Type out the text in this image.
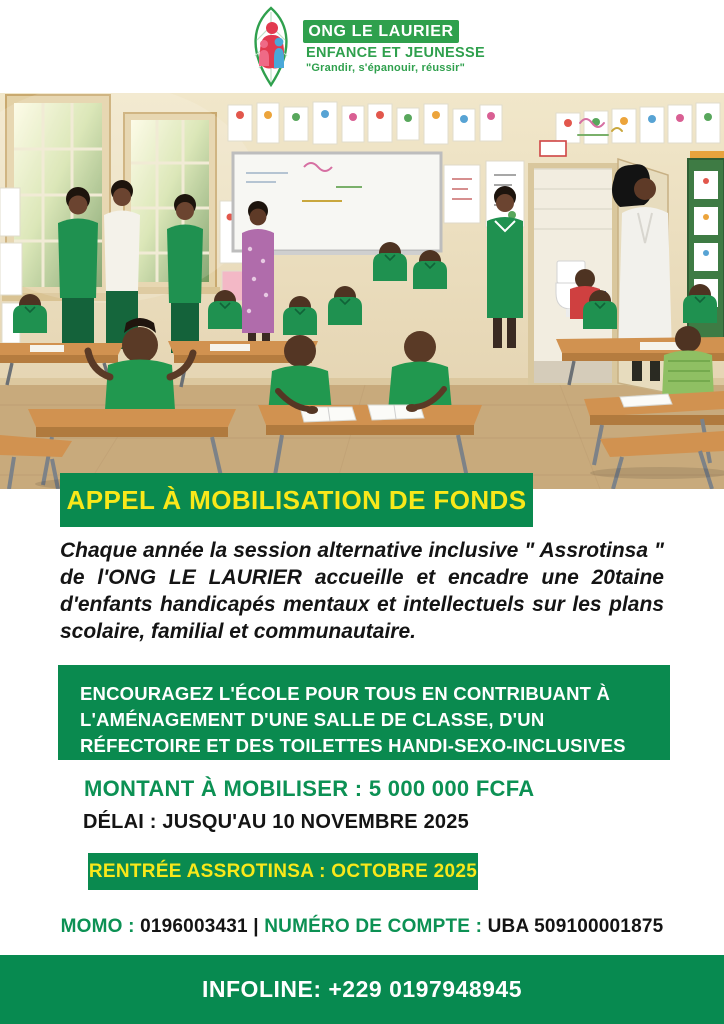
ONG LE LAURIER
ENFANCE ET JEUNESSE
"Grandir, s'épanouir, réussir"
APPEL À MOBILISATION DE FONDS

Chaque année la session alternative inclusive " Assrotinsa " de l'ONG LE LAURIER accueille et encadre une 20taine d'enfants handicapés mentaux et intellectuels sur les plans scolaire, familial et communautaire.

ENCOURAGEZ L'ÉCOLE POUR TOUS EN CONTRIBUANT À L'AMÉNAGEMENT D'UNE SALLE DE CLASSE, D'UN RÉFECTOIRE ET DES TOILETTES HANDI-SEXO-INCLUSIVES
MONTANT À MOBILISER : 5 000 000 FCFA
DÉLAI : JUSQU'AU 10 NOVEMBRE 2025
RENTRÉE ASSROTINSA : OCTOBRE 2025
MOMO : 0196003431 | NUMÉRO DE COMPTE : UBA 509100001875
INFOLINE: +229 0197948945
